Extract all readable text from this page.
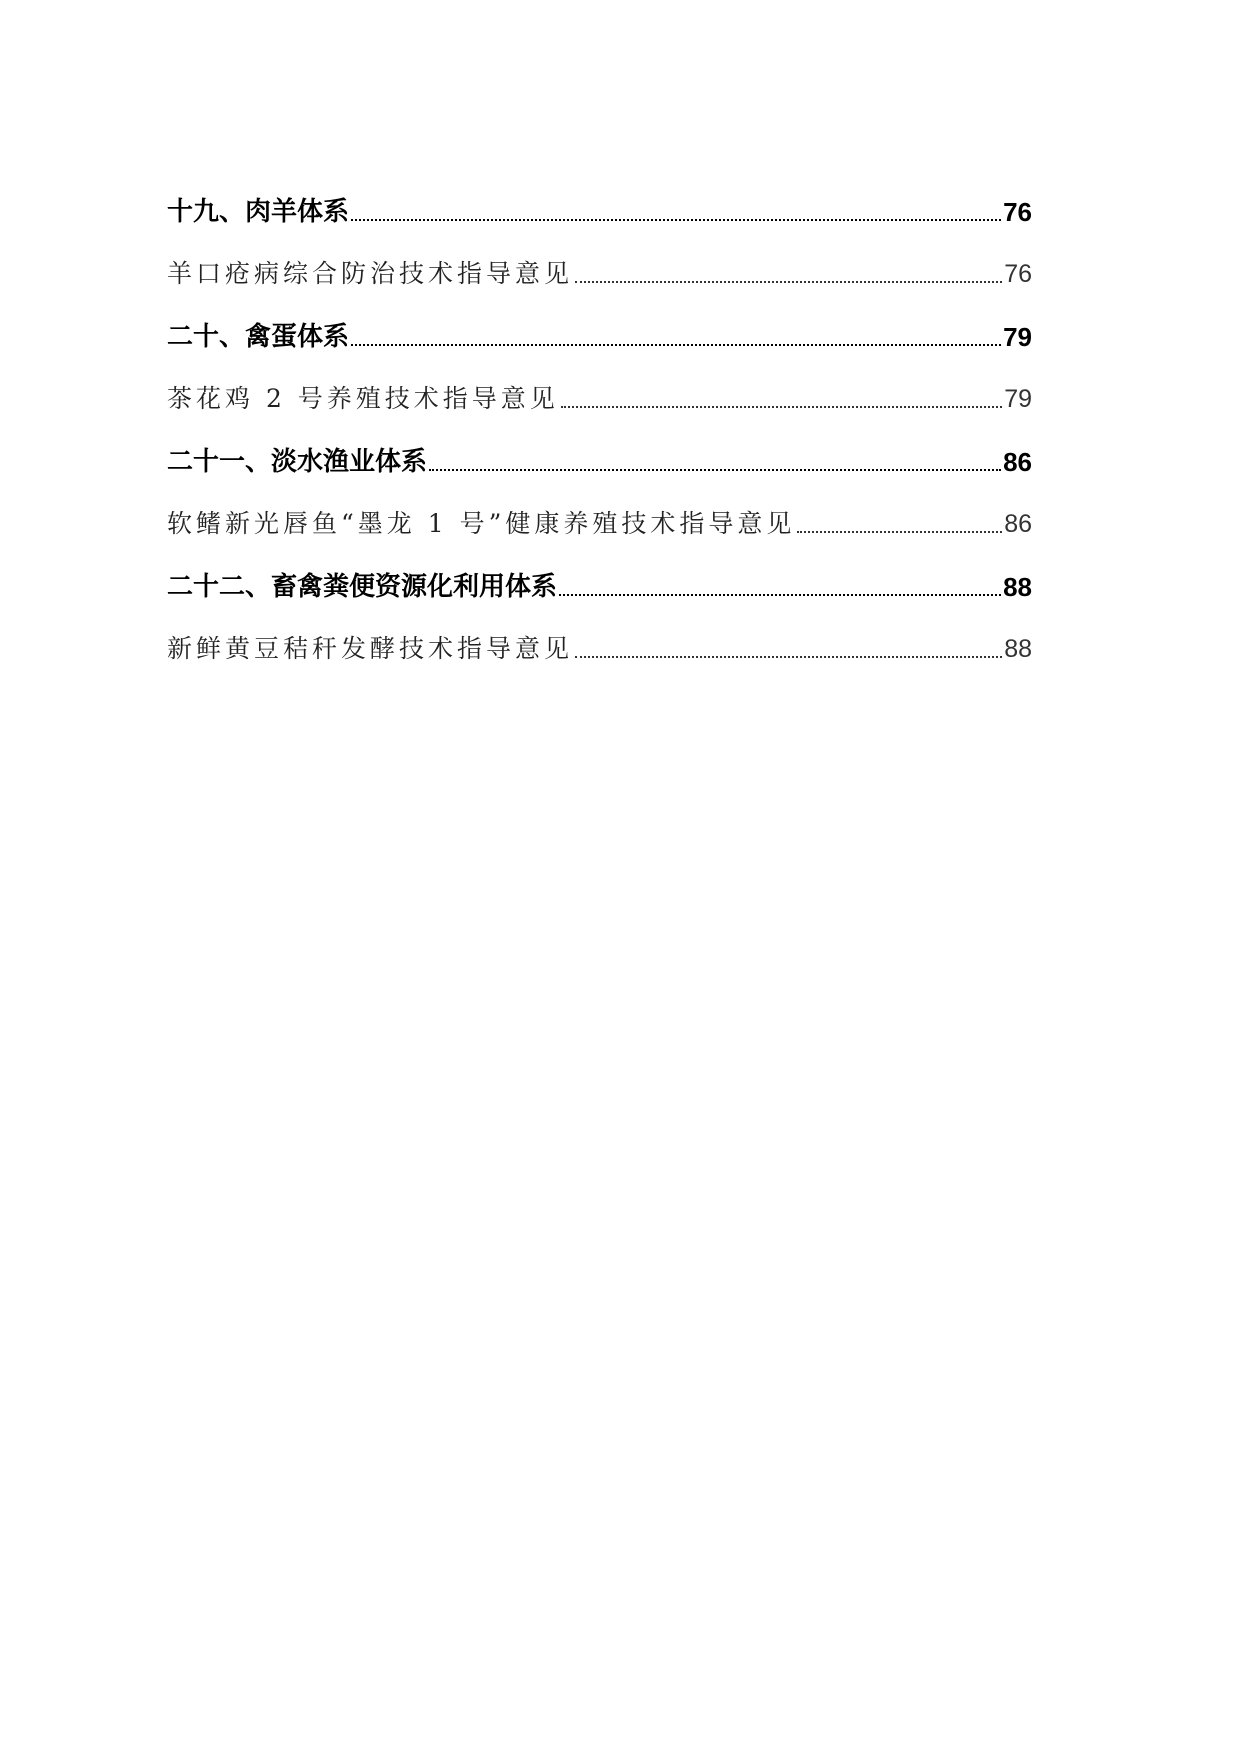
十九、肉羊体系	76
羊口疮病综合防治技术指导意见	76
二十、禽蛋体系	79
茶花鸡 2 号养殖技术指导意见	79
二十一、淡水渔业体系	86
软鳍新光唇鱼“墨龙 1 号”健康养殖技术指导意见	86
二十二、畜禽粪便资源化利用体系	88
新鲜黄豆秸秆发酵技术指导意见	88
